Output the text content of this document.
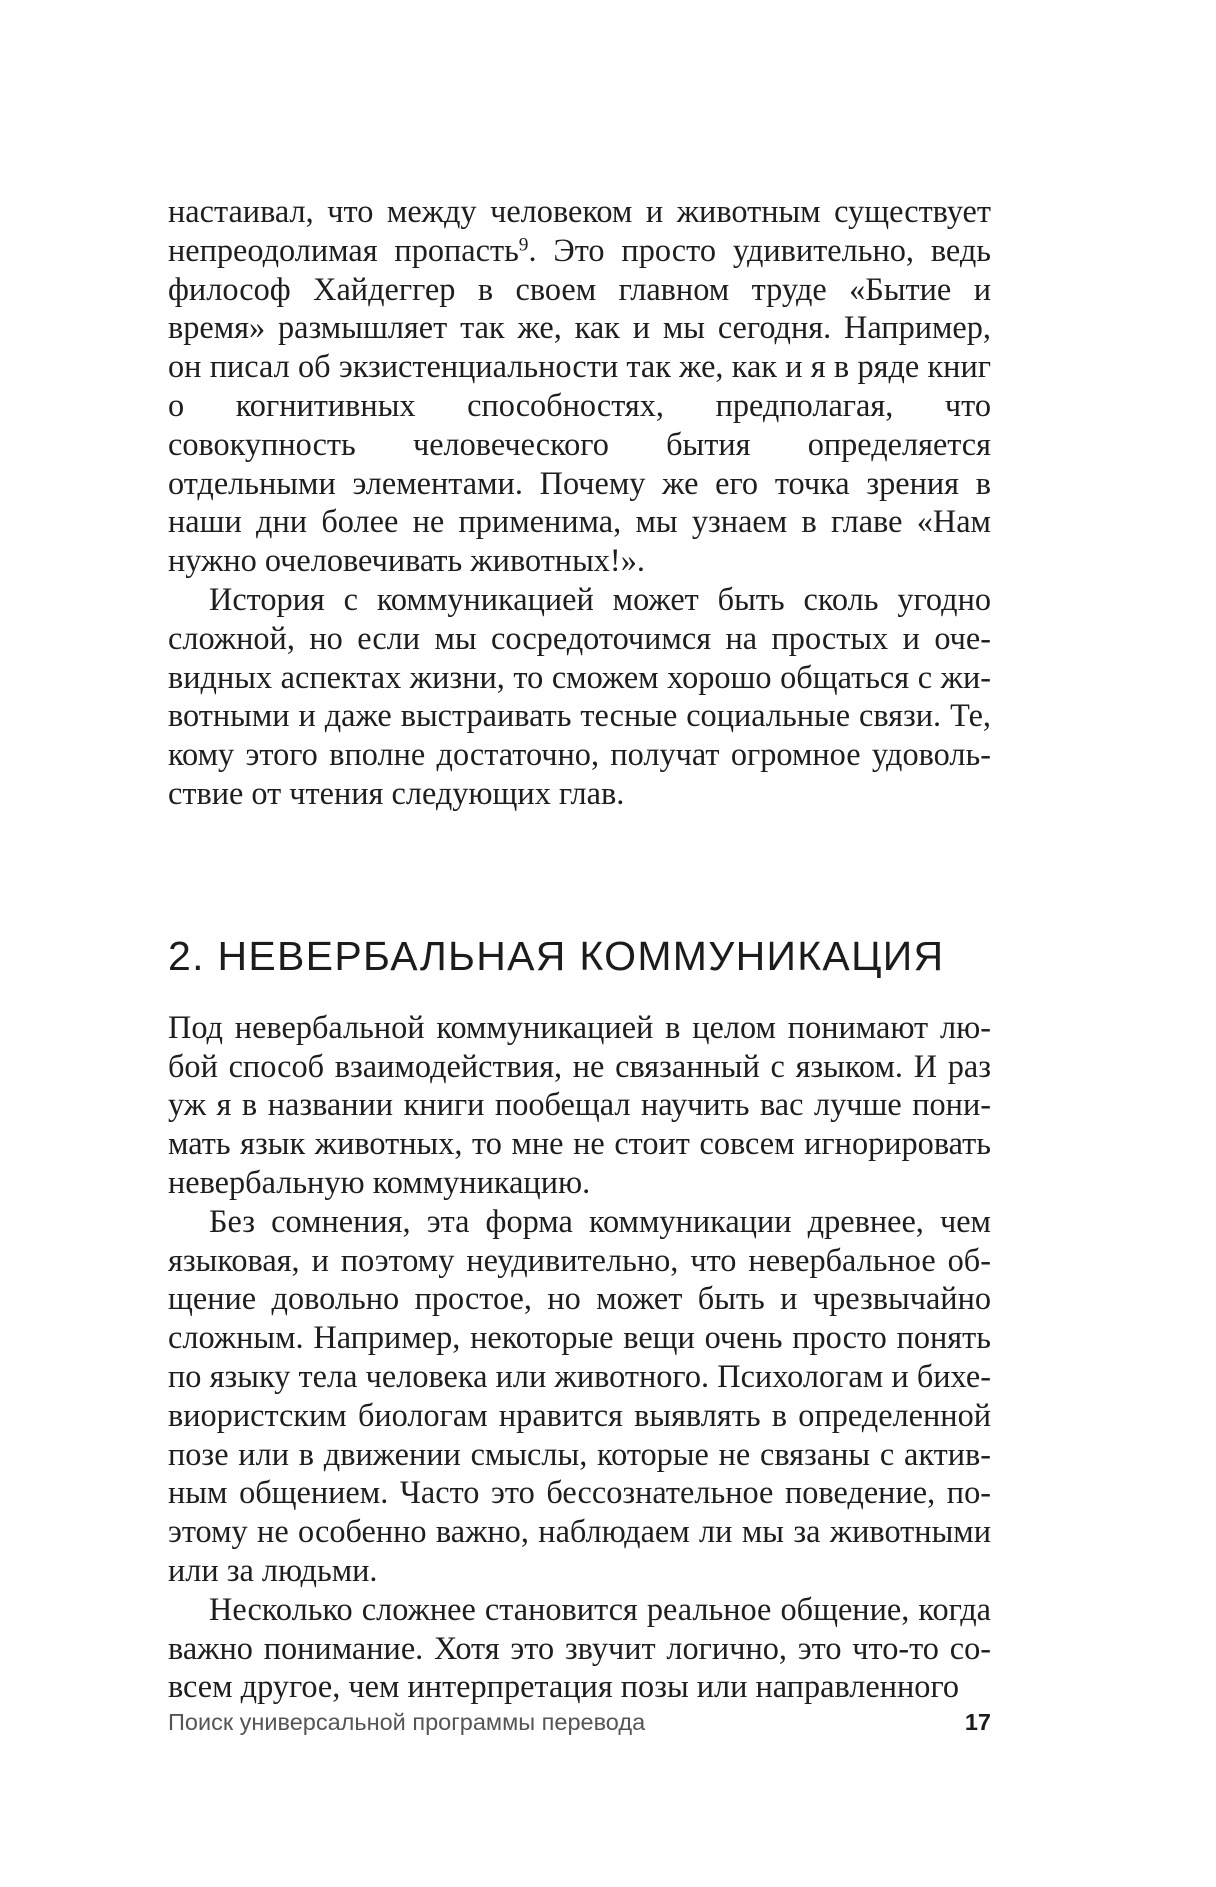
настаивал, что между человеком и животным существует непреодолимая пропасть$^9$. Это просто удивительно, ведь философ Хайдеггер в своем главном труде «Бытие и время» размышляет так же, как и мы сегодня. Например, он писал об экзистенциальности так же, как и я в ряде книг о когнитивных способностях, предполагая, что совокупность человеческого бытия определяется отдельными элементами. Почему же его точка зрения в наши дни более не применима, мы узнаем в главе «Нам нужно очеловечивать животных!».

История с коммуникацией может быть сколь угодно сложной, но если мы сосредоточимся на простых и очевидных аспектах жизни, то сможем хорошо общаться с животными и даже выстраивать тесные социальные связи. Те, кому этого вполне достаточно, получат огромное удовольствие от чтения следующих глав.

2. НЕВЕРБАЛЬНАЯ КОММУНИКАЦИЯ

Под невербальной коммуникацией в целом понимают любой способ взаимодействия, не связанный с языком. И раз уж я в названии книги пообещал научить вас лучше понимать язык животных, то мне не стоит совсем игнорировать невербальную коммуникацию.

Без сомнения, эта форма коммуникации древнее, чем языковая, и поэтому неудивительно, что невербальное общение довольно простое, но может быть и чрезвычайно сложным. Например, некоторые вещи очень просто понять по языку тела человека или животного. Психологам и бихевиористским биологам нравится выявлять в определенной позе или в движении смыслы, которые не связаны с активным общением. Часто это бессознательное поведение, поэтому не особенно важно, наблюдаем ли мы за животными или за людьми.

Несколько сложнее становится реальное общение, когда важно понимание. Хотя это звучит логично, это что-то совсем другое, чем интерпретация позы или направленного

Поиск универсальной программы перевода	17
